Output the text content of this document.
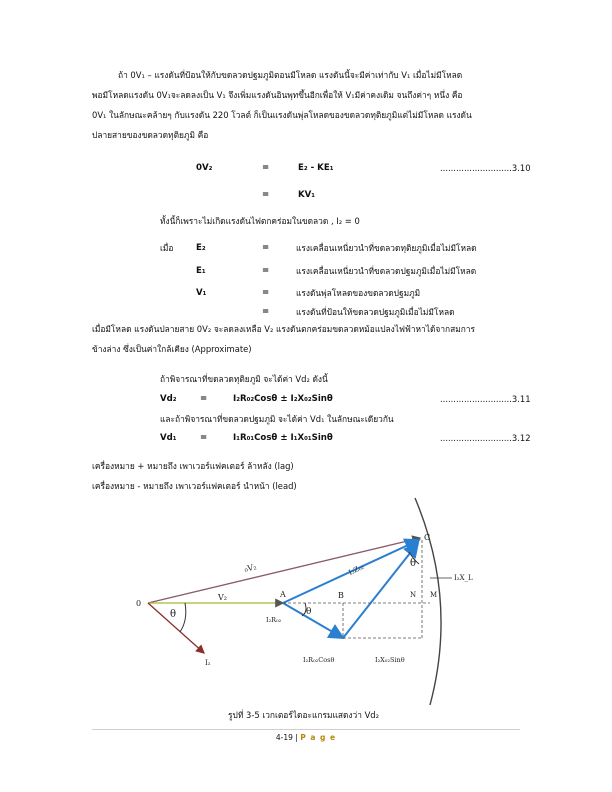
ถ้า 0V₁ – แรงดันที่ป้อนให้กับขดลวดปฐมภูมิตอนมีโหลด แรงดันนี้จะมีค่าเท่ากับ V₁ เมื่อไม่มีโหลด
พอมีโหลดแรงดัน 0V₁จะลดลงเป็น V₁ จึงเพิ่มแรงดันอินพุทขึ้นอีกเพื่อให้ V₁มีค่าคงเดิม จนถึงค่าๆ หนึ่ง คือ
0V₁ ในลักษณะคล้ายๆ กับแรงดัน 220 โวลต์ ก็เป็นแรงดันพุ่ลโหลดของขดลวดทุติยภูมิแต่ไม่มีโหลด แรงดัน
ปลายสายของขดลวดทุติยภูมิ คือ
0V₂	=	E₂ - KE₁	...........................3.10
=	KV₁
ทั้งนี้ก็เพราะไม่เกิดแรงดันไฟตกคร่อมในขดลวด , I₂ = 0
เมื่อ	E₂	=	แรงเคลื่อนเหนี่ยวนำที่ขดลวดทุติยภูมิเมื่อไม่มีโหลด
E₁	=	แรงเคลื่อนเหนี่ยวนำที่ขดลวดปฐมภูมิเมื่อไม่มีโหลด
V₁	=	แรงดันพุ่ลโหลดของขดลวดปฐมภูมิ
=	แรงดันที่ป้อนให้ขดลวดปฐมภูมิเมื่อไม่มีโหลด
เมื่อมีโหลด แรงดันปลายสาย 0V₂ จะลดลงเหลือ V₂ แรงดันตกคร่อมขดลวดหม้อแปลงไฟฟ้าหาได้จากสมการ
ข้างล่าง ซึ่งเป็นค่าใกล้เคียง (Approximate)
ถ้าพิจารณาที่ขดลวดทุติยภูมิ จะได้ค่า Vd₂ ดังนี้
Vd₂	=	I₂R₀₂Cosθ ± I₂X₀₂Sinθ	...........................3.11
และถ้าพิจารณาที่ขดลวดปฐมภูมิ จะได้ค่า Vd₁ ในลักษณะเดียวกัน
Vd₁	=	I₁R₀₁Cosθ ± I₁X₀₁Sinθ	...........................3.12
เครื่องหมาย + หมายถึง เพาเวอร์แฟคเตอร์ ล้าหลัง (lag)
เครื่องหมาย - หมายถึง เพาเวอร์แฟคเตอร์ นำหน้า (lead)
0
A	B
C
N M
θ	θ
θ
₀V₂
V₂
I₂Z₀₂
I₂R₀₂
I₂	I₂R₀₂Cosθ	I₂X₀₂Sinθ
I₂X_L
รูปที่ 3-5 เวกเตอร์ไดอะแกรมแสดงว่า Vd₂
4-19 | P a g e
